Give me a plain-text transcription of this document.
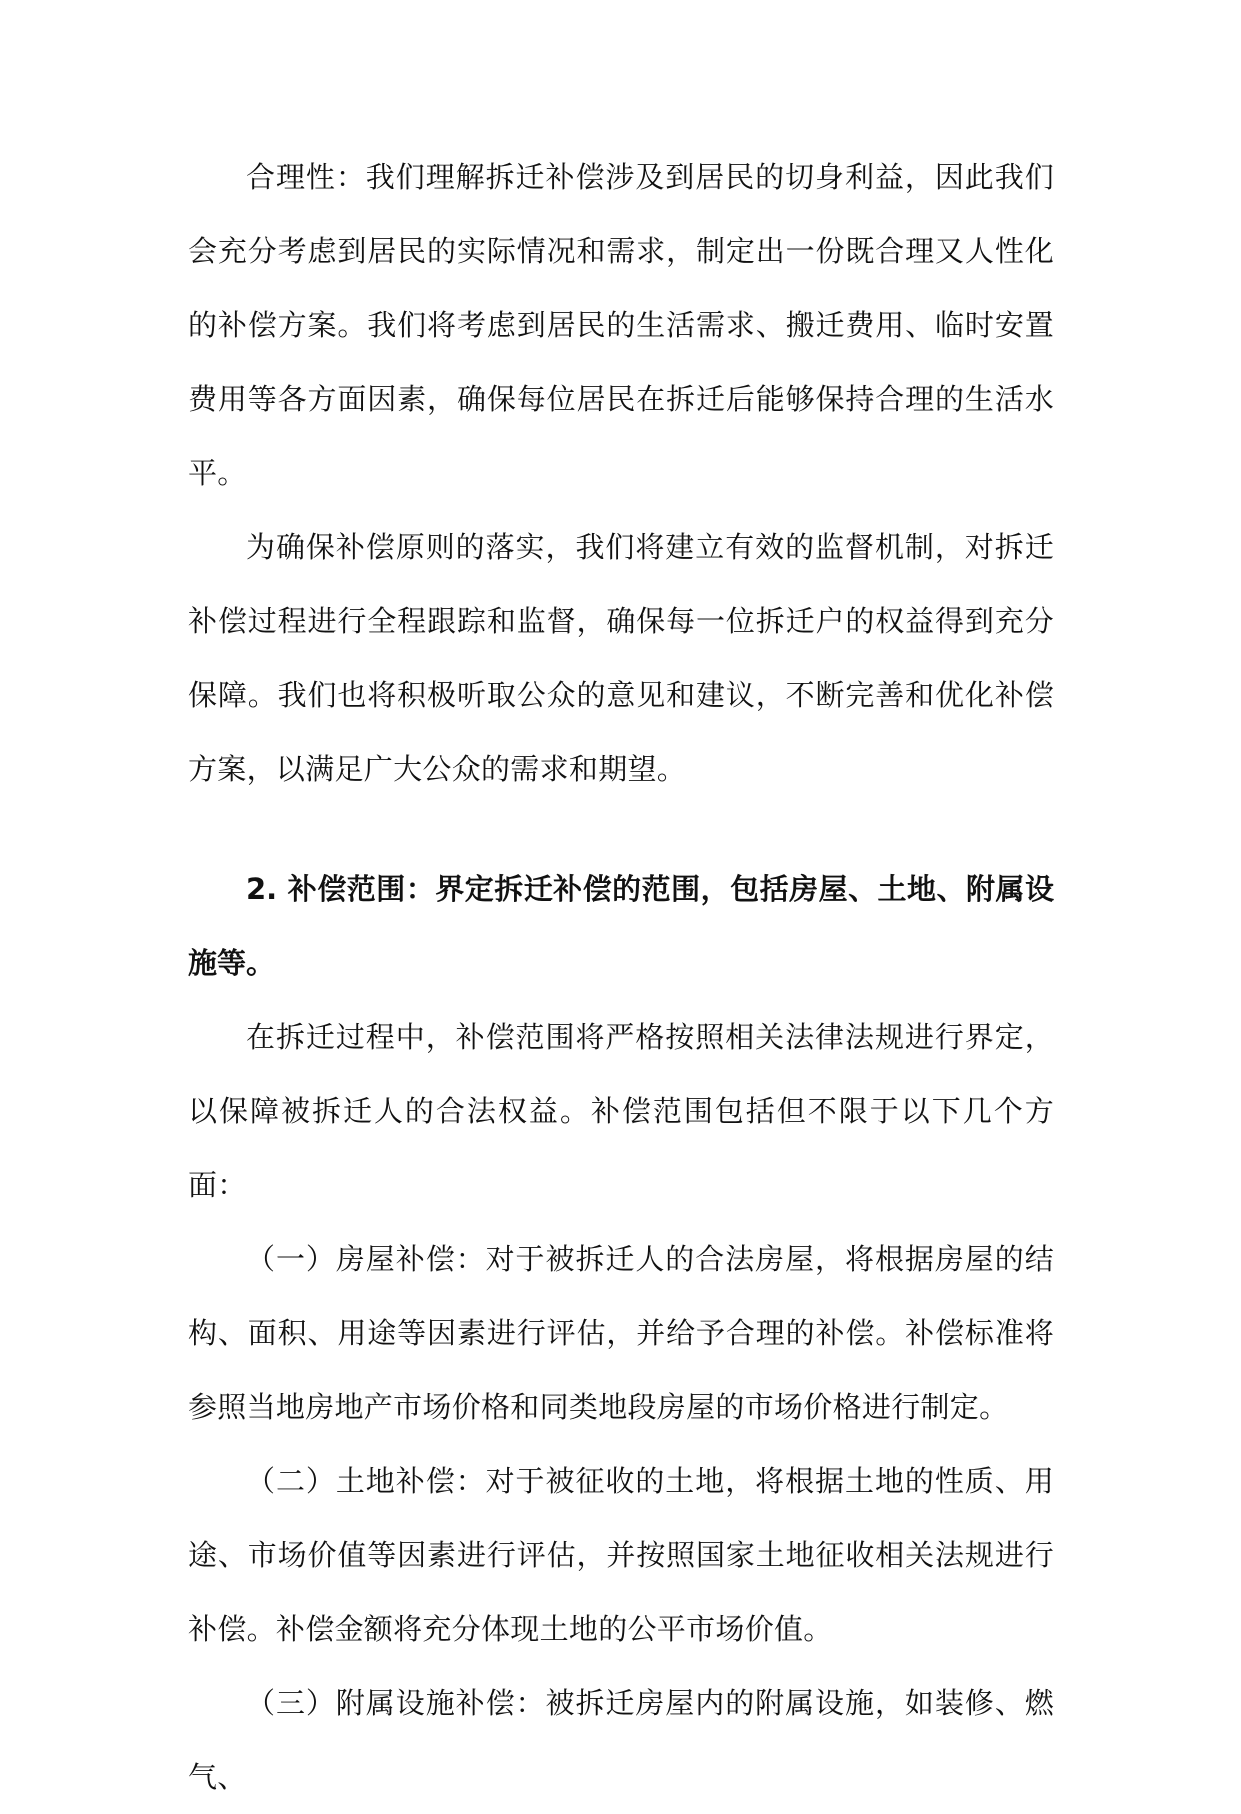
合理性：我们理解拆迁补偿涉及到居民的切身利益，因此我们会充分考虑到居民的实际情况和需求，制定出一份既合理又人性化的补偿方案。我们将考虑到居民的生活需求、搬迁费用、临时安置费用等各方面因素，确保每位居民在拆迁后能够保持合理的生活水平。

为确保补偿原则的落实，我们将建立有效的监督机制，对拆迁补偿过程进行全程跟踪和监督，确保每一位拆迁户的权益得到充分保障。我们也将积极听取公众的意见和建议，不断完善和优化补偿方案，以满足广大公众的需求和期望。

2. 补偿范围：界定拆迁补偿的范围，包括房屋、土地、附属设施等。

在拆迁过程中，补偿范围将严格按照相关法律法规进行界定，以保障被拆迁人的合法权益。补偿范围包括但不限于以下几个方面：

（一）房屋补偿：对于被拆迁人的合法房屋，将根据房屋的结构、面积、用途等因素进行评估，并给予合理的补偿。补偿标准将参照当地房地产市场价格和同类地段房屋的市场价格进行制定。

（二）土地补偿：对于被征收的土地，将根据土地的性质、用途、市场价值等因素进行评估，并按照国家土地征收相关法规进行补偿。补偿金额将充分体现土地的公平市场价值。

（三）附属设施补偿：被拆迁房屋内的附属设施，如装修、燃气、
